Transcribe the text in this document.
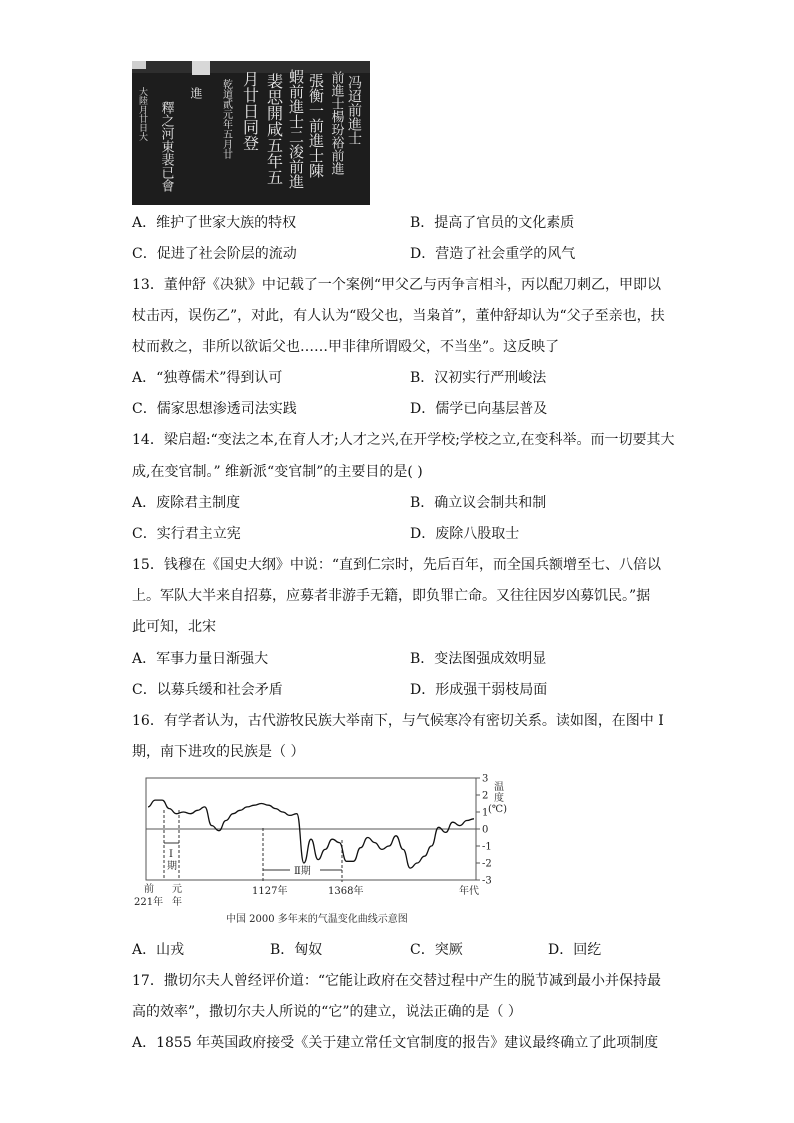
冯迢前進士
前進士楊玢裕前進
張衡一前進士陳
蝦前進士二浚前進
裴思開咸五年五
月廿日同登
乾道貳元年五月廿
進
釋之河東裴已會
大陸月廿日大
A．维护了世家大族的特权	B．提高了官员的文化素质
C．促进了社会阶层的流动	D．营造了社会重学的风气
13．董仲舒《决狱》中记载了一个案例“甲父乙与丙争言相斗，丙以配刀刺乙，甲即以
杖击丙，误伤乙”，对此，有人认为“殴父也，当枭首”，董仲舒却认为“父子至亲也，扶
杖而救之，非所以欲诟父也……甲非律所谓殴父，不当坐”。这反映了
A．“独尊儒术”得到认可	B．汉初实行严刑峻法
C．儒家思想渗透司法实践	D．儒学已向基层普及
14．梁启超:“变法之本,在育人才;人才之兴,在开学校;学校之立,在变科举。而一切要其大
成,在变官制。” 维新派“变官制”的主要目的是( )
A．废除君主制度	B．确立议会制共和制
C．实行君主立宪	D．废除八股取士
15．钱穆在《国史大纲》中说：“直到仁宗时，先后百年，而全国兵额增至七、八倍以
上。军队大半来自招募，应募者非游手无籍，即负罪亡命。又往往因岁凶募饥民。”据
此可知，北宋
A．军事力量日渐强大	B．变法图强成效明显
C．以募兵缓和社会矛盾	D．形成强干弱枝局面
16．有学者认为，古代游牧民族大举南下，与气候寒冷有密切关系。读如图，在图中 I
期，南下进攻的民族是（ ）
3
2
1
0
-1
-2
-3
温
度
(℃)
I
期	Ⅱ期
前
221年
元
年
1127年	1368年	年代
中国 2000 多年来的气温变化曲线示意图
A．山戎	B．匈奴	C．突厥	D．回纥
17．撒切尔夫人曾经评价道：“它能让政府在交替过程中产生的脱节减到最小并保持最
高的效率”，撒切尔夫人所说的“它”的建立，说法正确的是（ ）
A．1855 年英国政府接受《关于建立常任文官制度的报告》建议最终确立了此项制度
